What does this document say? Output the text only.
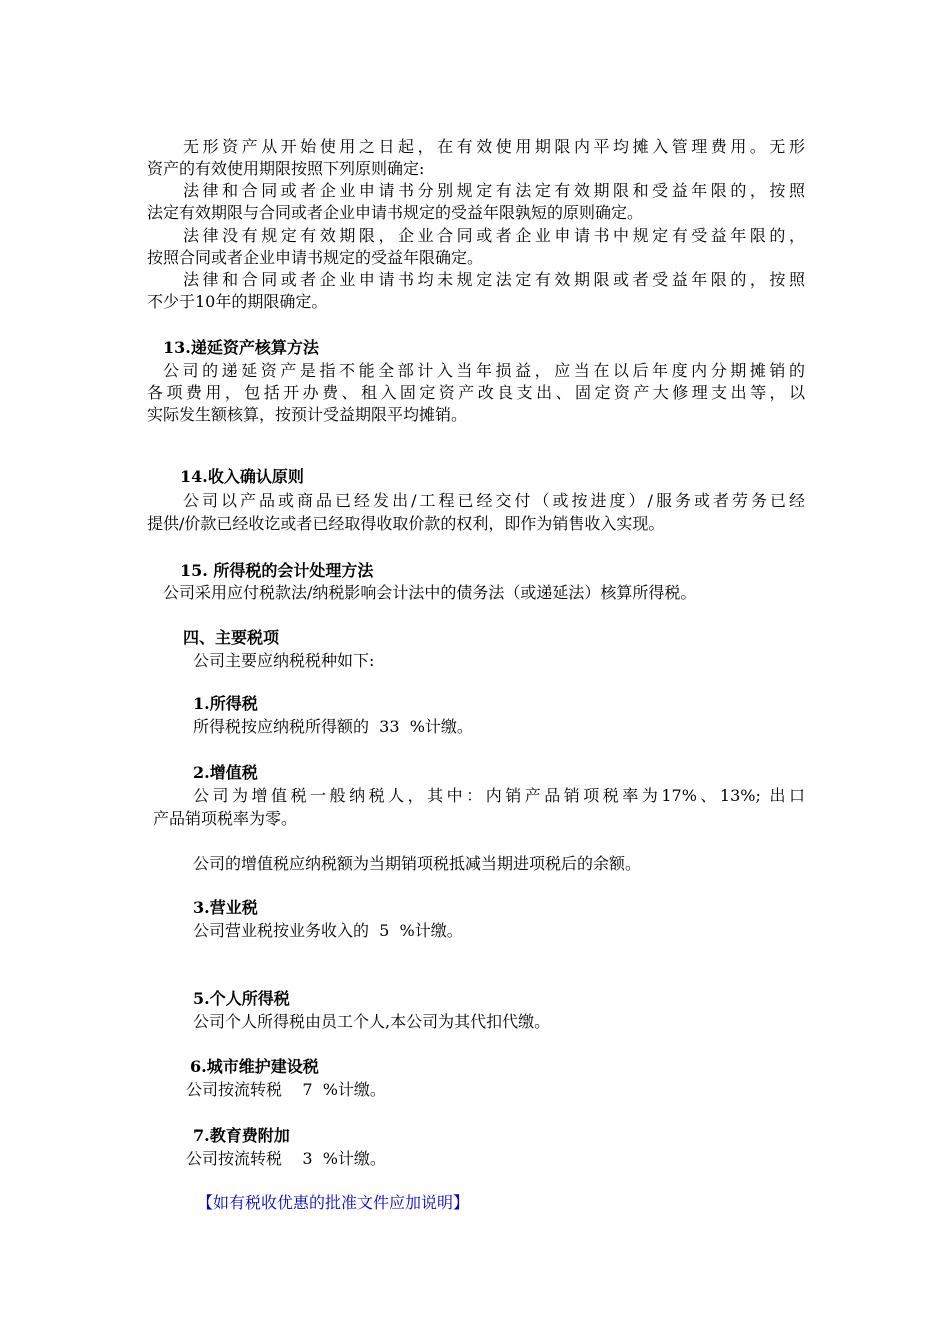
无形资产从开始使用之日起，在有效使用期限内平均摊入管理费用。无形
资产的有效使用期限按照下列原则确定:
法律和合同或者企业申请书分别规定有法定有效期限和受益年限的，按照
法定有效期限与合同或者企业申请书规定的受益年限孰短的原则确定。
法律没有规定有效期限，企业合同或者企业申请书中规定有受益年限的，
按照合同或者企业申请书规定的受益年限确定。
法律和合同或者企业申请书均未规定法定有效期限或者受益年限的，按照
不少于10年的期限确定。
13.递延资产核算方法
公司的递延资产是指不能全部计入当年损益，应当在以后年度内分期摊销的
各项费用，包括开办费、租入固定资产改良支出、固定资产大修理支出等，以
实际发生额核算，按预计受益期限平均摊销。
14.收入确认原则
公司以产品或商品已经发出/工程已经交付（或按进度）/服务或者劳务已经
提供/价款已经收讫或者已经取得收取价款的权利，即作为销售收入实现。
15. 所得税的会计处理方法
公司采用应付税款法/纳税影响会计法中的债务法（或递延法）核算所得税。
四、主要税项
公司主要应纳税税种如下:
1.所得税
所得税按应纳税所得额的  33  %计缴。
2.增值税
公司为增值税一般纳税人，其中：内销产品销项税率为17%、13%; 出口
产品销项税率为零。
公司的增值税应纳税额为当期销项税抵减当期进项税后的余额。
3.营业税
公司营业税按业务收入的  5  %计缴。
5.个人所得税
公司个人所得税由员工个人,本公司为其代扣代缴。
6.城市维护建设税
公司按流转税    7  %计缴。
7.教育费附加
公司按流转税    3  %计缴。
【如有税收优惠的批准文件应加说明】
